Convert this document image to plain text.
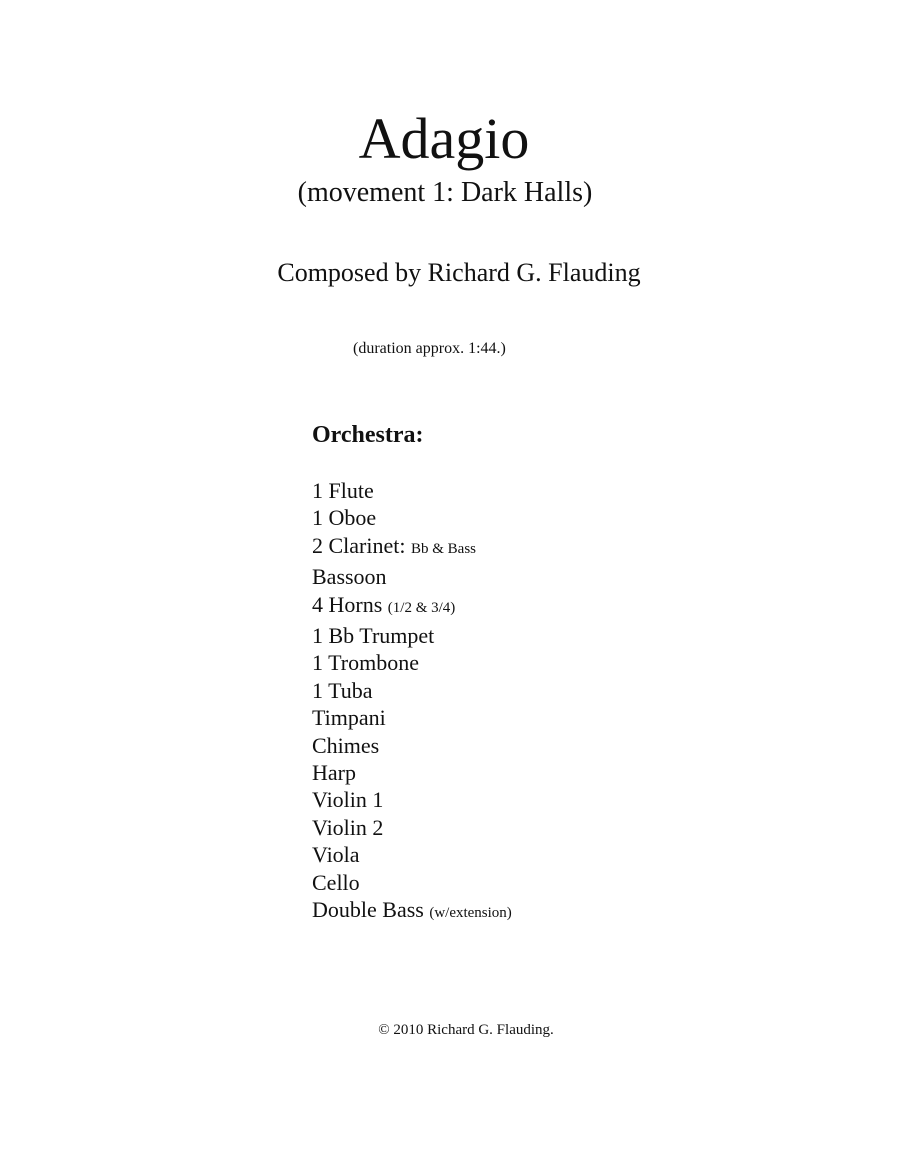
Adagio
(movement 1: Dark Halls)
Composed by Richard G. Flauding
(duration approx. 1:44.)
Orchestra:
1 Flute
1 Oboe
2 Clarinet: Bb & Bass
Bassoon
4 Horns (1/2 & 3/4)
1 Bb Trumpet
1 Trombone
1 Tuba
Timpani
Chimes
Harp
Violin 1
Violin 2
Viola
Cello
Double Bass (w/extension)
© 2010 Richard G. Flauding.
